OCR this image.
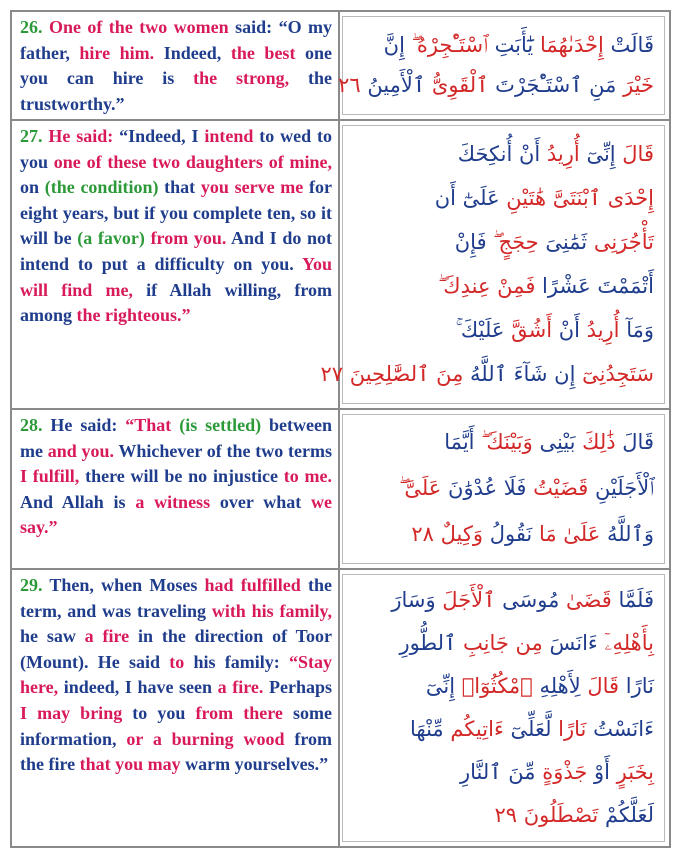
26. One of the two women said: “O my father, hire him. Indeed, the best one you can hire is the strong, the trustworthy.”
قَالَتْ إِحْدَىٰهُمَا يَٰٓأَبَتِ ٱسْتَـْٔجِرْهُ ۖ إِنَّ
خَيْرَ مَنِ ٱسْتَـْٔجَرْتَ ٱلْقَوِىُّ ٱلْأَمِينُ ٢٦
27. He said: “Indeed, I intend to wed to you one of these two daughters of mine, on (the condition) that you serve me for eight years, but if you complete ten, so it will be (a favor) from you. And I do not intend to put a difficulty on you. You will find me, if Allah willing, from among the righteous.”
قَالَ إِنِّىٓ أُرِيدُ أَنْ أُنكِحَكَ
إِحْدَى ٱبْنَتَىَّ هَٰتَيْنِ عَلَىٰٓ أَن
تَأْجُرَنِى ثَمَٰنِىَ حِجَجٍ ۖ فَإِنْ
أَتْمَمْتَ عَشْرًا فَمِنْ عِندِكَ
وَمَآ أُرِيدُ أَنْ أَشُقَّ عَلَيْكَ ۚ
سَتَجِدُنِىٓ إِن شَآءَ ٱللَّهُ مِنَ ٱلصَّٰلِحِينَ ٢٧
28. He said: “That (is settled) between me and you. Whichever of the two terms I fulfill, there will be no injustice to me. And Allah is a witness over what we say.”
قَالَ ذَٰلِكَ بَيْنِى وَبَيْنَكَ ۖ أَيَّمَا
ٱلْأَجَلَيْنِ قَضَيْتُ فَلَا عُدْوَٰنَ عَلَىَّ ۖ
وَٱللَّهُ عَلَىٰ مَا نَقُولُ وَكِيلٌ ٢٨
29. Then, when Moses had fulfilled the term, and was traveling with his family, he saw a fire in the direction of Toor (Mount). He said to his family: “Stay here, indeed, I have seen a fire. Perhaps I may bring to you from there some information, or a burning wood from the fire that you may warm yourselves.”
فَلَمَّا قَضَىٰ مُوسَى ٱلْأَجَلَ وَسَارَ
بِأَهْلِهِۦٓ ءَانَسَ مِن جَانِبِ ٱلطُّورِ
نَارًا قَالَ لِأَهْلِهِ ٱمْكُثُوٓا۟ إِنِّىٓ
ءَانَسْتُ نَارًا لَّعَلِّىٓ ءَاتِيكُم مِّنْهَا
بِخَبَرٍ أَوْ جَذْوَةٍ مِّنَ ٱلنَّارِ
لَعَلَّكُمْ تَصْطَلُونَ ٢٩
